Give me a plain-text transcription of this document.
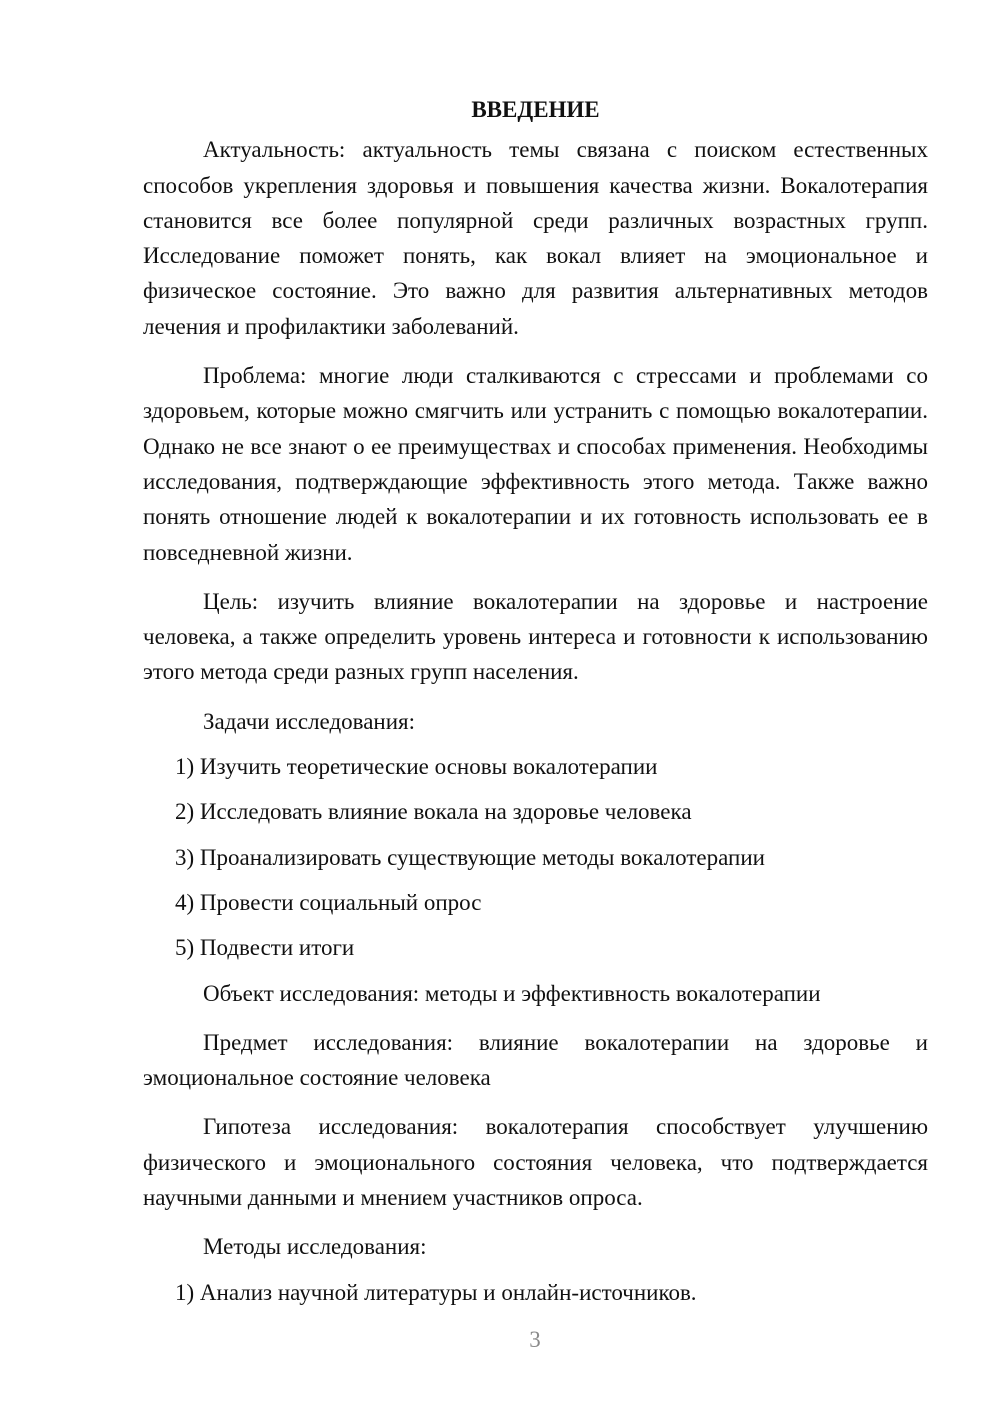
ВВЕДЕНИЕ

Актуальность: актуальность темы связана с поиском естественных способов укрепления здоровья и повышения качества жизни. Вокалотерапия становится все более популярной среди различных возрастных групп. Исследование поможет понять, как вокал влияет на эмоциональное и физическое состояние. Это важно для развития альтернативных методов лечения и профилактики заболеваний.

Проблема: многие люди сталкиваются с стрессами и проблемами со здоровьем, которые можно смягчить или устранить с помощью вокалотерапии. Однако не все знают о ее преимуществах и способах применения. Необходимы исследования, подтверждающие эффективность этого метода. Также важно понять отношение людей к вокалотерапии и их готовность использовать ее в повседневной жизни.

Цель: изучить влияние вокалотерапии на здоровье и настроение человека, а также определить уровень интереса и готовности к использованию этого метода среди разных групп населения.

Задачи исследования:
1) Изучить теоретические основы вокалотерапии
2) Исследовать влияние вокала на здоровье человека
3) Проанализировать существующие методы вокалотерапии
4) Провести социальный опрос
5) Подвести итоги

Объект исследования: методы и эффективность вокалотерапии

Предмет исследования: влияние вокалотерапии на здоровье и эмоциональное состояние человека

Гипотеза исследования: вокалотерапия способствует улучшению физического и эмоционального состояния человека, что подтверждается научными данными и мнением участников опроса.

Методы исследования:
1) Анализ научной литературы и онлайн-источников.
3
